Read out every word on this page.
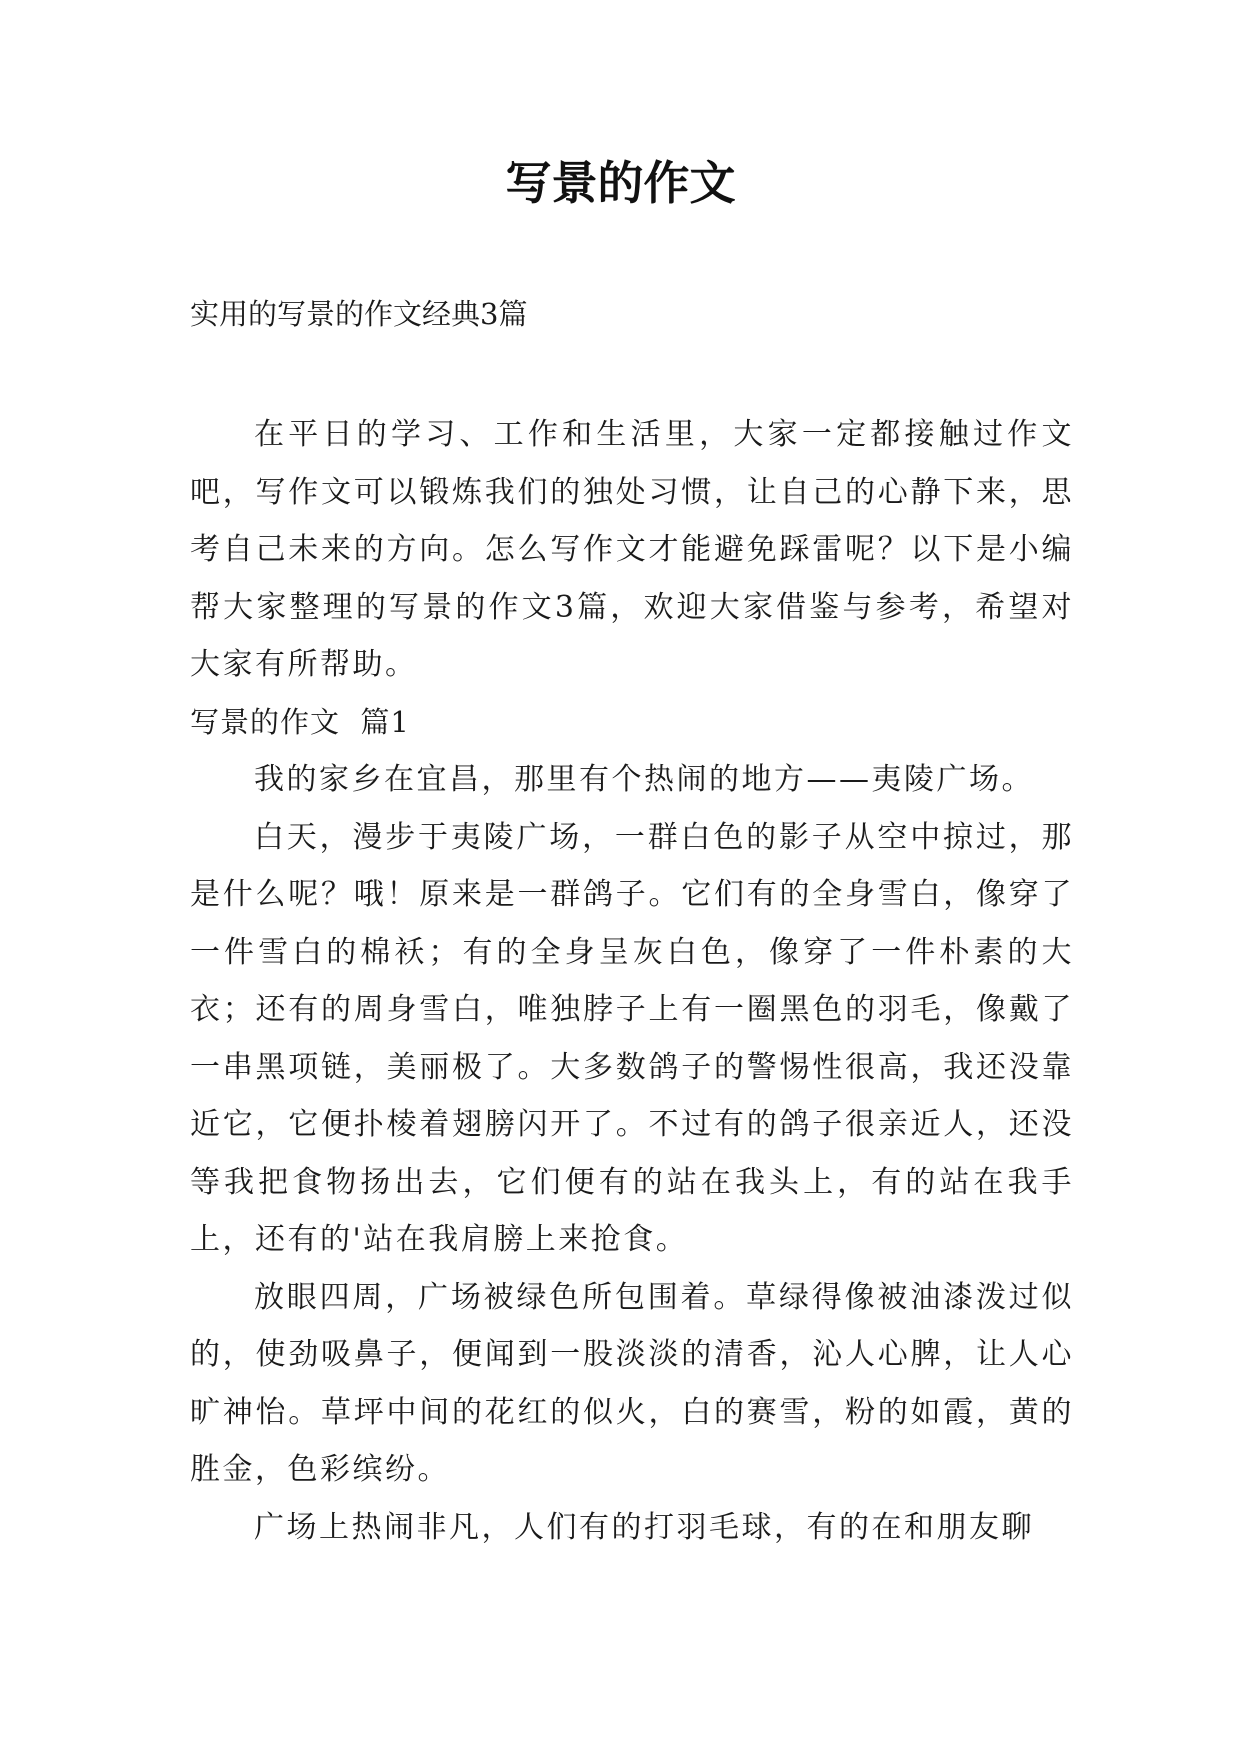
写景的作文

实用的写景的作文经典3篇

在平日的学习、工作和生活里，大家一定都接触过作文吧，写作文可以锻炼我们的独处习惯，让自己的心静下来，思考自己未来的方向。怎么写作文才能避免踩雷呢？以下是小编帮大家整理的写景的作文3篇，欢迎大家借鉴与参考，希望对大家有所帮助。

写景的作文  篇1

我的家乡在宜昌，那里有个热闹的地方——夷陵广场。

白天，漫步于夷陵广场，一群白色的影子从空中掠过，那是什么呢？哦！原来是一群鸽子。它们有的全身雪白，像穿了一件雪白的棉袄；有的全身呈灰白色，像穿了一件朴素的大衣；还有的周身雪白，唯独脖子上有一圈黑色的羽毛，像戴了一串黑项链，美丽极了。大多数鸽子的警惕性很高，我还没靠近它，它便扑棱着翅膀闪开了。不过有的鸽子很亲近人，还没等我把食物扬出去，它们便有的站在我头上，有的站在我手上，还有的'站在我肩膀上来抢食。

放眼四周，广场被绿色所包围着。草绿得像被油漆泼过似的，使劲吸鼻子，便闻到一股淡淡的清香，沁人心脾，让人心旷神怡。草坪中间的花红的似火，白的赛雪，粉的如霞，黄的胜金，色彩缤纷。

广场上热闹非凡，人们有的打羽毛球，有的在和朋友聊
